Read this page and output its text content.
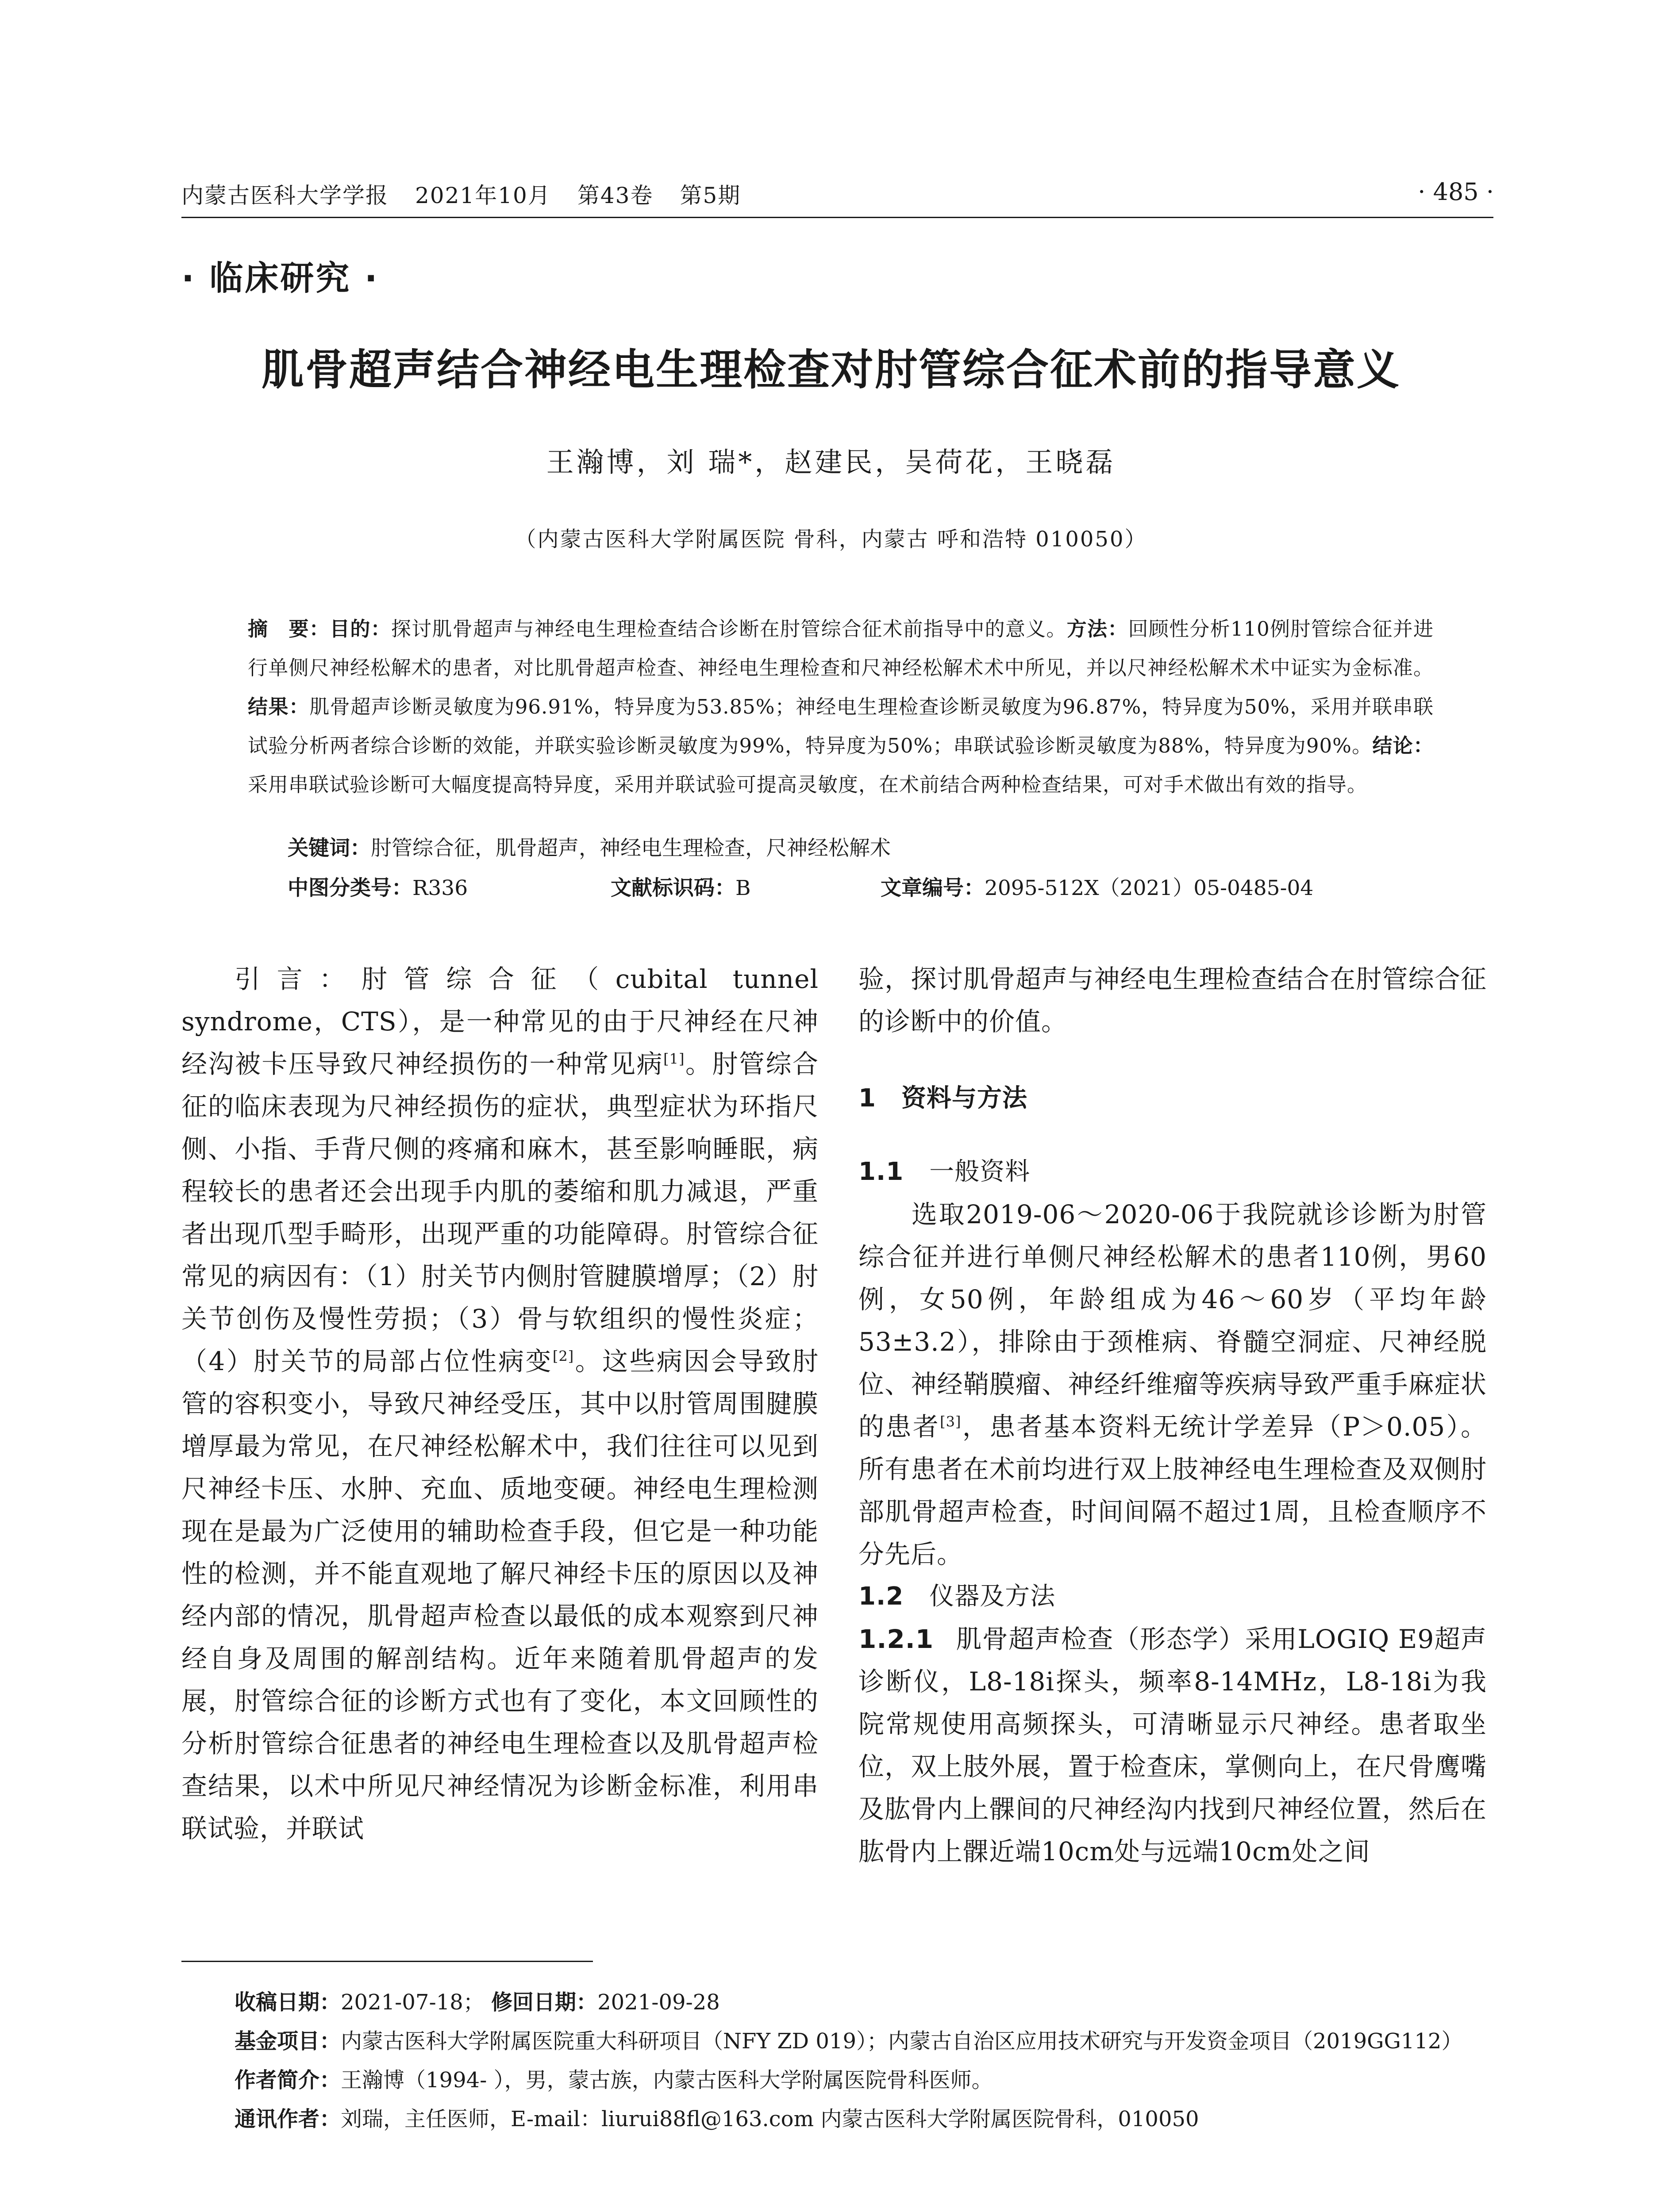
内蒙古医科大学学报 2021年10月 第43卷 第5期	· 485 ·
· 临床研究 ·
肌骨超声结合神经电生理检查对肘管综合征术前的指导意义
王瀚博，刘 瑞*，赵建民，吴荷花，王晓磊
（内蒙古医科大学附属医院 骨科，内蒙古 呼和浩特 010050）
摘　要：目的：探讨肌骨超声与神经电生理检查结合诊断在肘管综合征术前指导中的意义。方法：回顾性分析110例肘管综合征并进行单侧尺神经松解术的患者，对比肌骨超声检查、神经电生理检查和尺神经松解术术中所见，并以尺神经松解术术中证实为金标准。结果：肌骨超声诊断灵敏度为96.91%，特异度为53.85%；神经电生理检查诊断灵敏度为96.87%，特异度为50%，采用并联串联试验分析两者综合诊断的效能，并联实验诊断灵敏度为99%，特异度为50%；串联试验诊断灵敏度为88%，特异度为90%。结论：采用串联试验诊断可大幅度提高特异度，采用并联试验可提高灵敏度，在术前结合两种检查结果，可对手术做出有效的指导。
关键词：肘管综合征，肌骨超声，神经电生理检查，尺神经松解术
中图分类号：R336	文献标识码：B	文章编号：2095-512X（2021）05-0485-04
引言：肘管综合征（cubital tunnel syndrome，CTS），是一种常见的由于尺神经在尺神经沟被卡压导致尺神经损伤的一种常见病[1]。肘管综合征的临床表现为尺神经损伤的症状，典型症状为环指尺侧、小指、手背尺侧的疼痛和麻木，甚至影响睡眠，病程较长的患者还会出现手内肌的萎缩和肌力减退，严重者出现爪型手畸形，出现严重的功能障碍。肘管综合征常见的病因有：（1）肘关节内侧肘管腱膜增厚；（2）肘关节创伤及慢性劳损；（3）骨与软组织的慢性炎症；（4）肘关节的局部占位性病变[2]。这些病因会导致肘管的容积变小，导致尺神经受压，其中以肘管周围腱膜增厚最为常见，在尺神经松解术中，我们往往可以见到尺神经卡压、水肿、充血、质地变硬。神经电生理检测现在是最为广泛使用的辅助检查手段，但它是一种功能性的检测，并不能直观地了解尺神经卡压的原因以及神经内部的情况，肌骨超声检查以最低的成本观察到尺神经自身及周围的解剖结构。近年来随着肌骨超声的发展，肘管综合征的诊断方式也有了变化，本文回顾性的分析肘管综合征患者的神经电生理检查以及肌骨超声检查结果，以术中所见尺神经情况为诊断金标准，利用串联试验，并联试

验，探讨肌骨超声与神经电生理检查结合在肘管综合征的诊断中的价值。

1　资料与方法
1.1 一般资料

选取2019-06～2020-06于我院就诊诊断为肘管综合征并进行单侧尺神经松解术的患者110例，男60例，女50例，年龄组成为46～60岁（平均年龄53±3.2），排除由于颈椎病、脊髓空洞症、尺神经脱位、神经鞘膜瘤、神经纤维瘤等疾病导致严重手麻症状的患者[3]，患者基本资料无统计学差异（P＞0.05）。所有患者在术前均进行双上肢神经电生理检查及双侧肘部肌骨超声检查，时间间隔不超过1周，且检查顺序不分先后。

1.2 仪器及方法

1.2.1 肌骨超声检查（形态学）采用LOGIQ E9超声诊断仪，L8-18i探头，频率8-14MHz，L8-18i为我院常规使用高频探头，可清晰显示尺神经。患者取坐位，双上肢外展，置于检查床，掌侧向上，在尺骨鹰嘴及肱骨内上髁间的尺神经沟内找到尺神经位置，然后在肱骨内上髁近端10cm处与远端10cm处之间

收稿日期：2021-07-18； 修回日期：2021-09-28
基金项目：内蒙古医科大学附属医院重大科研项目（NFY ZD 019）；内蒙古自治区应用技术研究与开发资金项目（2019GG112）
作者简介：王瀚博（1994- ），男，蒙古族，内蒙古医科大学附属医院骨科医师。
通讯作者：刘瑞，主任医师，E-mail：liurui88fl@163.com 内蒙古医科大学附属医院骨科，010050
